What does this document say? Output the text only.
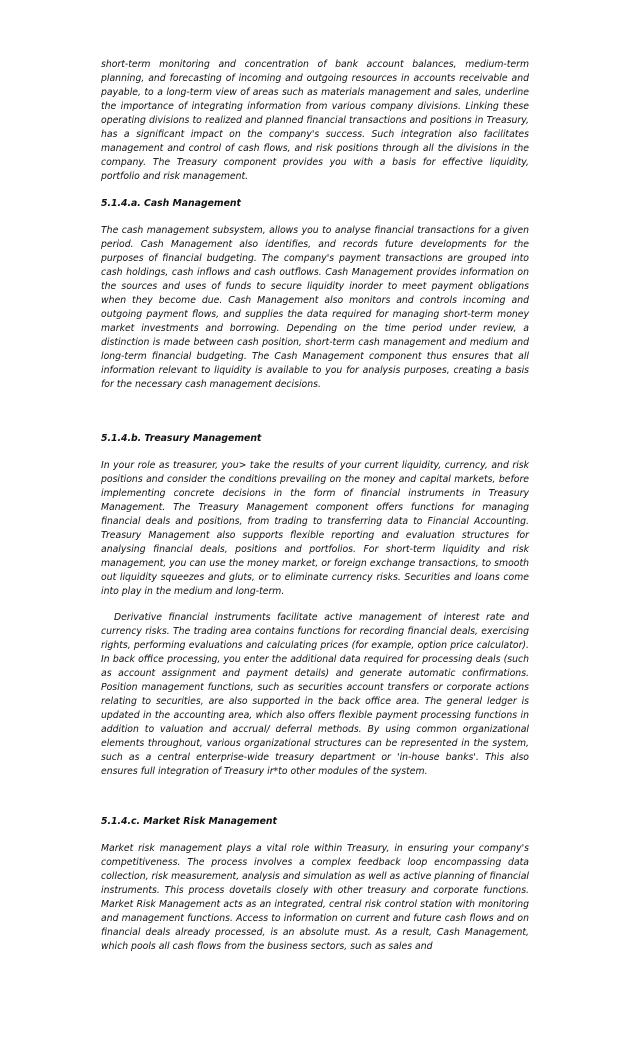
short-term monitoring and concentration of bank account balances, medium-term planning, and forecasting of incoming and outgoing resources in accounts receivable and payable, to a long-term view of areas such as materials management and sales, underline the importance of integrating information from various company divisions. Linking these operating divisions to realized and planned financial transactions and positions in Treasury, has a significant impact on the company's success. Such integration also facilitates management and control of cash flows, and risk positions through all the divisions in the company. The Treasury component provides you with a basis for effective liquidity, portfolio and risk management.

5.1.4.a. Cash Management

The cash management subsystem, allows you to analyse financial transactions for a given period. Cash Management also identifies, and records future developments for the purposes of financial budgeting. The company's payment transactions are grouped into cash holdings, cash inflows and cash outflows. Cash Management provides information on the sources and uses of funds to secure liquidity inorder to meet payment obligations when they become due. Cash Management also monitors and controls incoming and outgoing payment flows, and supplies the data required for managing short-term money market investments and borrowing. Depending on the time period under review, a distinction is made between cash position, short-term cash management and medium and long-term financial budgeting. The Cash Management component thus ensures that all information relevant to liquidity is available to you for analysis purposes, creating a basis for the necessary cash management decisions.

5.1.4.b. Treasury Management

In your role as treasurer, you> take the results of your current liquidity, currency, and risk positions and consider the conditions prevailing on the money and capital markets, before implementing concrete decisions in the form of financial instruments in Treasury Management. The Treasury Management component offers functions for managing financial deals and positions, from trading to transferring data to Financial Accounting. Treasury Management also supports flexible reporting and evaluation structures for analysing financial deals, positions and portfolios. For short-term liquidity and risk management, you can use the money market, or foreign exchange transactions, to smooth out liquidity squeezes and gluts, or to eliminate currency risks. Securities and loans come into play in the medium and long-term.

Derivative financial instruments facilitate active management of interest rate and currency risks. The trading area contains functions for recording financial deals, exercising rights, performing evaluations and calculating prices (for example, option price calculator). In back office processing, you enter the additional data required for processing deals (such as account assignment and payment details) and generate automatic confirmations. Position management functions, such as securities account transfers or corporate actions relating to securities, are also supported in the back office area. The general ledger is updated in the accounting area, which also offers flexible payment processing functions in addition to valuation and accrual/ deferral methods. By using common organizational elements throughout, various organizational structures can be represented in the system, such as a central enterprise-wide treasury department or 'in-house banks'. This also ensures full integration of Treasury ir*to other modules of the system.

5.1.4.c. Market Risk Management

Market risk management plays a vital role within Treasury, in ensuring your company's competitiveness. The process involves a complex feedback loop encompassing data collection, risk measurement, analysis and simulation as well as active planning of financial instruments. This process dovetails closely with other treasury and corporate functions. Market Risk Management acts as an integrated, central risk control station with monitoring and management functions. Access to information on current and future cash flows and on financial deals already processed, is an absolute must. As a result, Cash Management, which pools all cash flows from the business sectors, such as sales and
